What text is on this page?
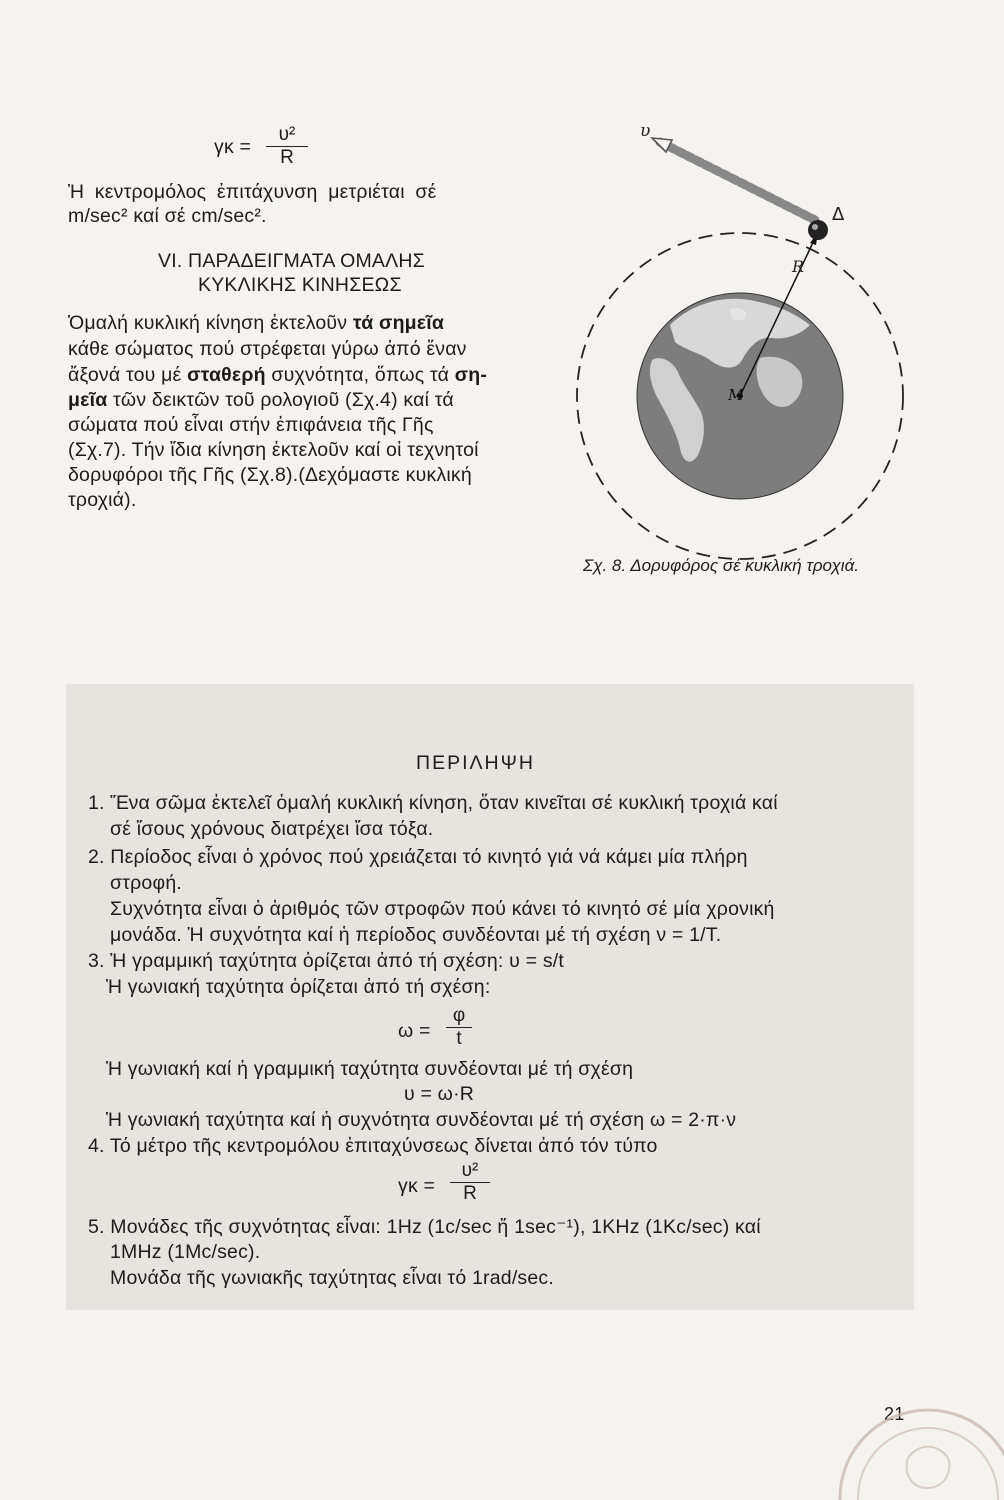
γκ =
υ²
R
Ἡ κεντρομόλος ἐπιτάχυνση μετριέται σέ
m/sec² καί σέ cm/sec².
VI. ΠΑΡΑΔΕΙΓΜΑΤΑ ΟΜΑΛΗΣ
ΚΥΚΛΙΚΗΣ ΚΙΝΗΣΕΩΣ
Ὁμαλή κυκλική κίνηση ἐκτελοῦν τά σημεῖα
κάθε σώματος πού στρέφεται γύρω ἀπό ἕναν
ἄξονά του μέ σταθερή συχνότητα, ὅπως τά ση-
μεῖα τῶν δεικτῶν τοῦ ρολογιοῦ (Σχ.4) καί τά
σώματα πού εἶναι στήν ἐπιφάνεια τῆς Γῆς
(Σχ.7). Τήν ἴδια κίνηση ἐκτελοῦν καί οἱ τεχνητοί
δορυφόροι τῆς Γῆς (Σχ.8).(Δεχόμαστε κυκλική
τροχιά).
υ
Δ
R
M
Σχ. 8. Δορυφόρος σέ κυκλική τροχιά.
ΠΕΡΙΛΗΨΗ
1. Ἕνα σῶμα ἐκτελεῖ ὁμαλή κυκλική κίνηση, ὅταν κινεῖται σέ κυκλική τροχιά καί
σέ ἴσους χρόνους διατρέχει ἴσα τόξα.
2. Περίοδος εἶναι ὁ χρόνος πού χρειάζεται τό κινητό γιά νά κάμει μία πλήρη
στροφή.
Συχνότητα εἶναι ὁ ἀριθμός τῶν στροφῶν πού κάνει τό κινητό σέ μία χρονική
μονάδα. Ἡ συχνότητα καί ἡ περίοδος συνδέονται μέ τή σχέση ν = 1/T.
3. Ἡ γραμμική ταχύτητα ὁρίζεται ἀπό τή σχέση: υ = s/t
Ἡ γωνιακή ταχύτητα ὁρίζεται ἀπό τή σχέση:
ω =
φ
t
Ἡ γωνιακή καί ἡ γραμμική ταχύτητα συνδέονται μέ τή σχέση
υ = ω·R
Ἡ γωνιακή ταχύτητα καί ἡ συχνότητα συνδέονται μέ τή σχέση ω = 2·π·ν
4. Τό μέτρο τῆς κεντρομόλου ἐπιταχύνσεως δίνεται ἀπό τόν τύπο
γκ =
υ²
R
5. Μονάδες τῆς συχνότητας εἶναι: 1Hz (1c/sec ἤ 1sec⁻¹), 1KHz (1Kc/sec) καί
1MHz (1Mc/sec).
Μονάδα τῆς γωνιακῆς ταχύτητας εἶναι τό 1rad/sec.
21
